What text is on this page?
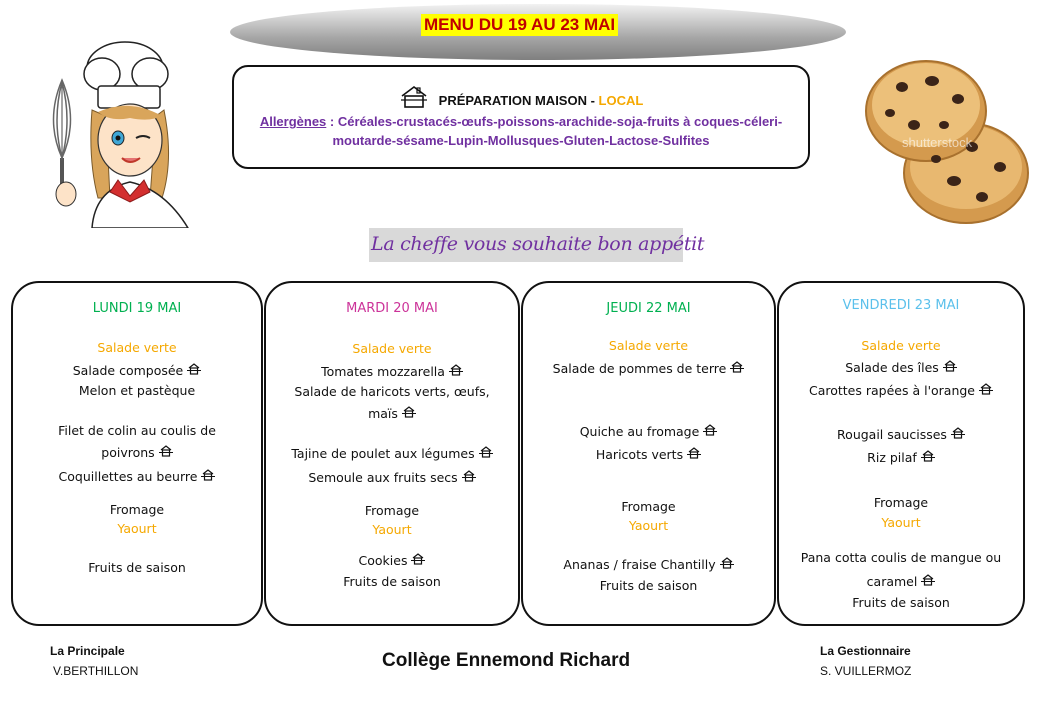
MENU DU 19 AU 23 MAI
PRÉPARATION MAISON - LOCAL
Allergènes : Céréales-crustacés-œufs-poissons-arachide-soja-fruits à coques-céleri-
moutarde-sésame-Lupin-Mollusques-Gluten-Lactose-Sulfites	shutterstock
La cheffe vous souhaite bon appétit
LUNDI 19 MAI
Salade verte
Salade composée
Melon et pastèque
Filet de colin au coulis de
poivrons
Coquillettes au beurre
Fromage
Yaourt
Fruits de saison
MARDI 20 MAI
Salade verte
Tomates mozzarella
Salade de haricots verts, œufs,
maïs
Tajine de poulet aux légumes
Semoule aux fruits secs
Fromage
Yaourt
Cookies
Fruits de saison
JEUDI 22 MAI
Salade verte
Salade de pommes de terre
Quiche au fromage
Haricots verts
Fromage
Yaourt
Ananas / fraise Chantilly
Fruits de saison
VENDREDI 23 MAI
Salade verte
Salade des îles
Carottes rapées à l'orange
Rougail saucisses
Riz pilaf
Fromage
Yaourt
Pana cotta coulis de mangue ou
caramel
Fruits de saison
La Principale
V.BERTHILLON	Collège Ennemond Richard	La Gestionnaire
S. VUILLERMOZ
